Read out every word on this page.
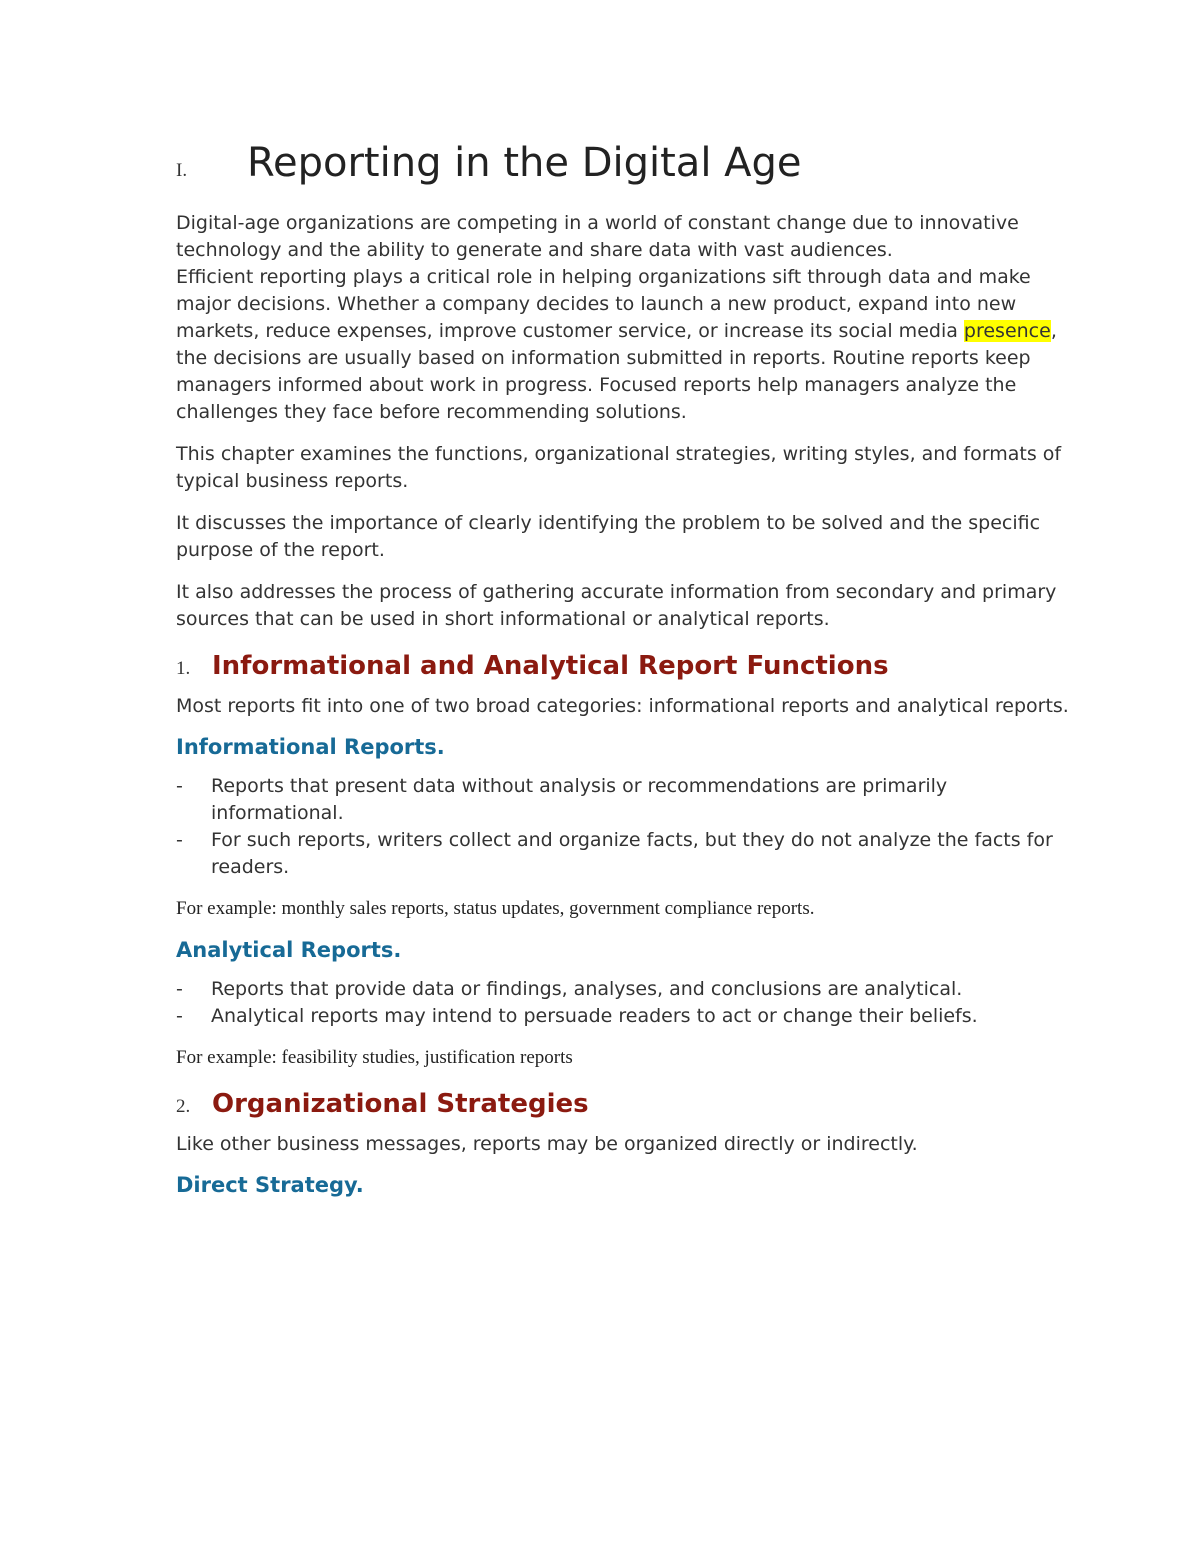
I.	Reporting in the Digital Age

Digital-age organizations are competing in a world of constant change due to innovative technology and the ability to generate and share data with vast audiences.

Efficient reporting plays a critical role in helping organizations sift through data and make major decisions. Whether a company decides to launch a new product, expand into new markets, reduce expenses, improve customer service, or increase its social media presence, the decisions are usually based on information submitted in reports. Routine reports keep managers informed about work in progress. Focused reports help managers analyze the challenges they face before recommending solutions.

This chapter examines the functions, organizational strategies, writing styles, and formats of typical business reports.

It discusses the importance of clearly identifying the problem to be solved and the specific purpose of the report.

It also addresses the process of gathering accurate information from secondary and primary sources that can be used in short informational or analytical reports.

1. Informational and Analytical Report Functions

Most reports fit into one of two broad categories: informational reports and analytical reports.

Informational Reports.
- Reports that present data without analysis or recommendations are primarily informational.
- For such reports, writers collect and organize facts, but they do not analyze the facts for readers.

For example: monthly sales reports, status updates, government compliance reports.

Analytical Reports.
- Reports that provide data or findings, analyses, and conclusions are analytical.
- Analytical reports may intend to persuade readers to act or change their beliefs.

For example: feasibility studies, justification reports

2. Organizational Strategies

Like other business messages, reports may be organized directly or indirectly.

Direct Strategy.
